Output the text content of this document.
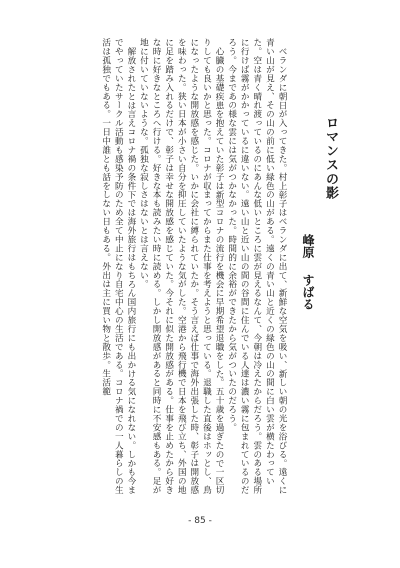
ロマンスの影
峰原すばる

ベランダに朝日が入ってきた。村上彰子はベランダに出て、新鮮な空気を吸い、新しい朝の光を浴びる。遠くに青い山が見え、その山の前に低い緑色の山がある。遠くの青い山と近くの緑色の山の間に白い雲が横たわっていた。空は青く晴れ渡っているのにあんな低いところに雲が見えるなんて、今朝は冷えたからだろう。雲のある場所に行けば霧がかかっているに違いない。遠い山と近い山の間の谷間に住んでいる人達は濃い霧に包まれているのだろう。今まであの様な雲には気がつかなかった。時間的に余裕ができたから気がついたのだろう。

心臓の基礎疾患を抱えていた彰子は新型コロナの流行を機会に早期希望退職をした。五十歳を過ぎたので一区切りしても良いかと思った。コロナが収まってからまた仕事を考えようと思っている。退職した直後はホッとし、鳥になったような開放感を感じた。いかに会社に縛られていたか。そう言えば仕事で海外出張した時、彰子は開放感を味わった。狭い日本が小さい自分を抑圧していたような気がした。空港から飛行機で日本を飛び立ち、外国の地に足を踏み入れるだけで、彰子は幸せな開放感を感じていた。今それに似た開放感がある。仕事を止めたから好きな時に好きなところへ行ける。好きな本も読みたい時に読める。しかし開放感があると同時に不安感もある。足が地に付いていないような。孤独な寂しさはないとは言えない。

解放されたとは言えコロナ禍の条件下では海外旅行はもちろん国内旅行にも出かける気になれない。しかも今までやっていたサークル活動も感染予防のため全て中止になり自宅中心の生活である。コロナ禍での一人暮らしの生活は孤独でもある。一日中誰とも話をしない日もある。外出は主に買い物と散歩。生活範

- 85 -
